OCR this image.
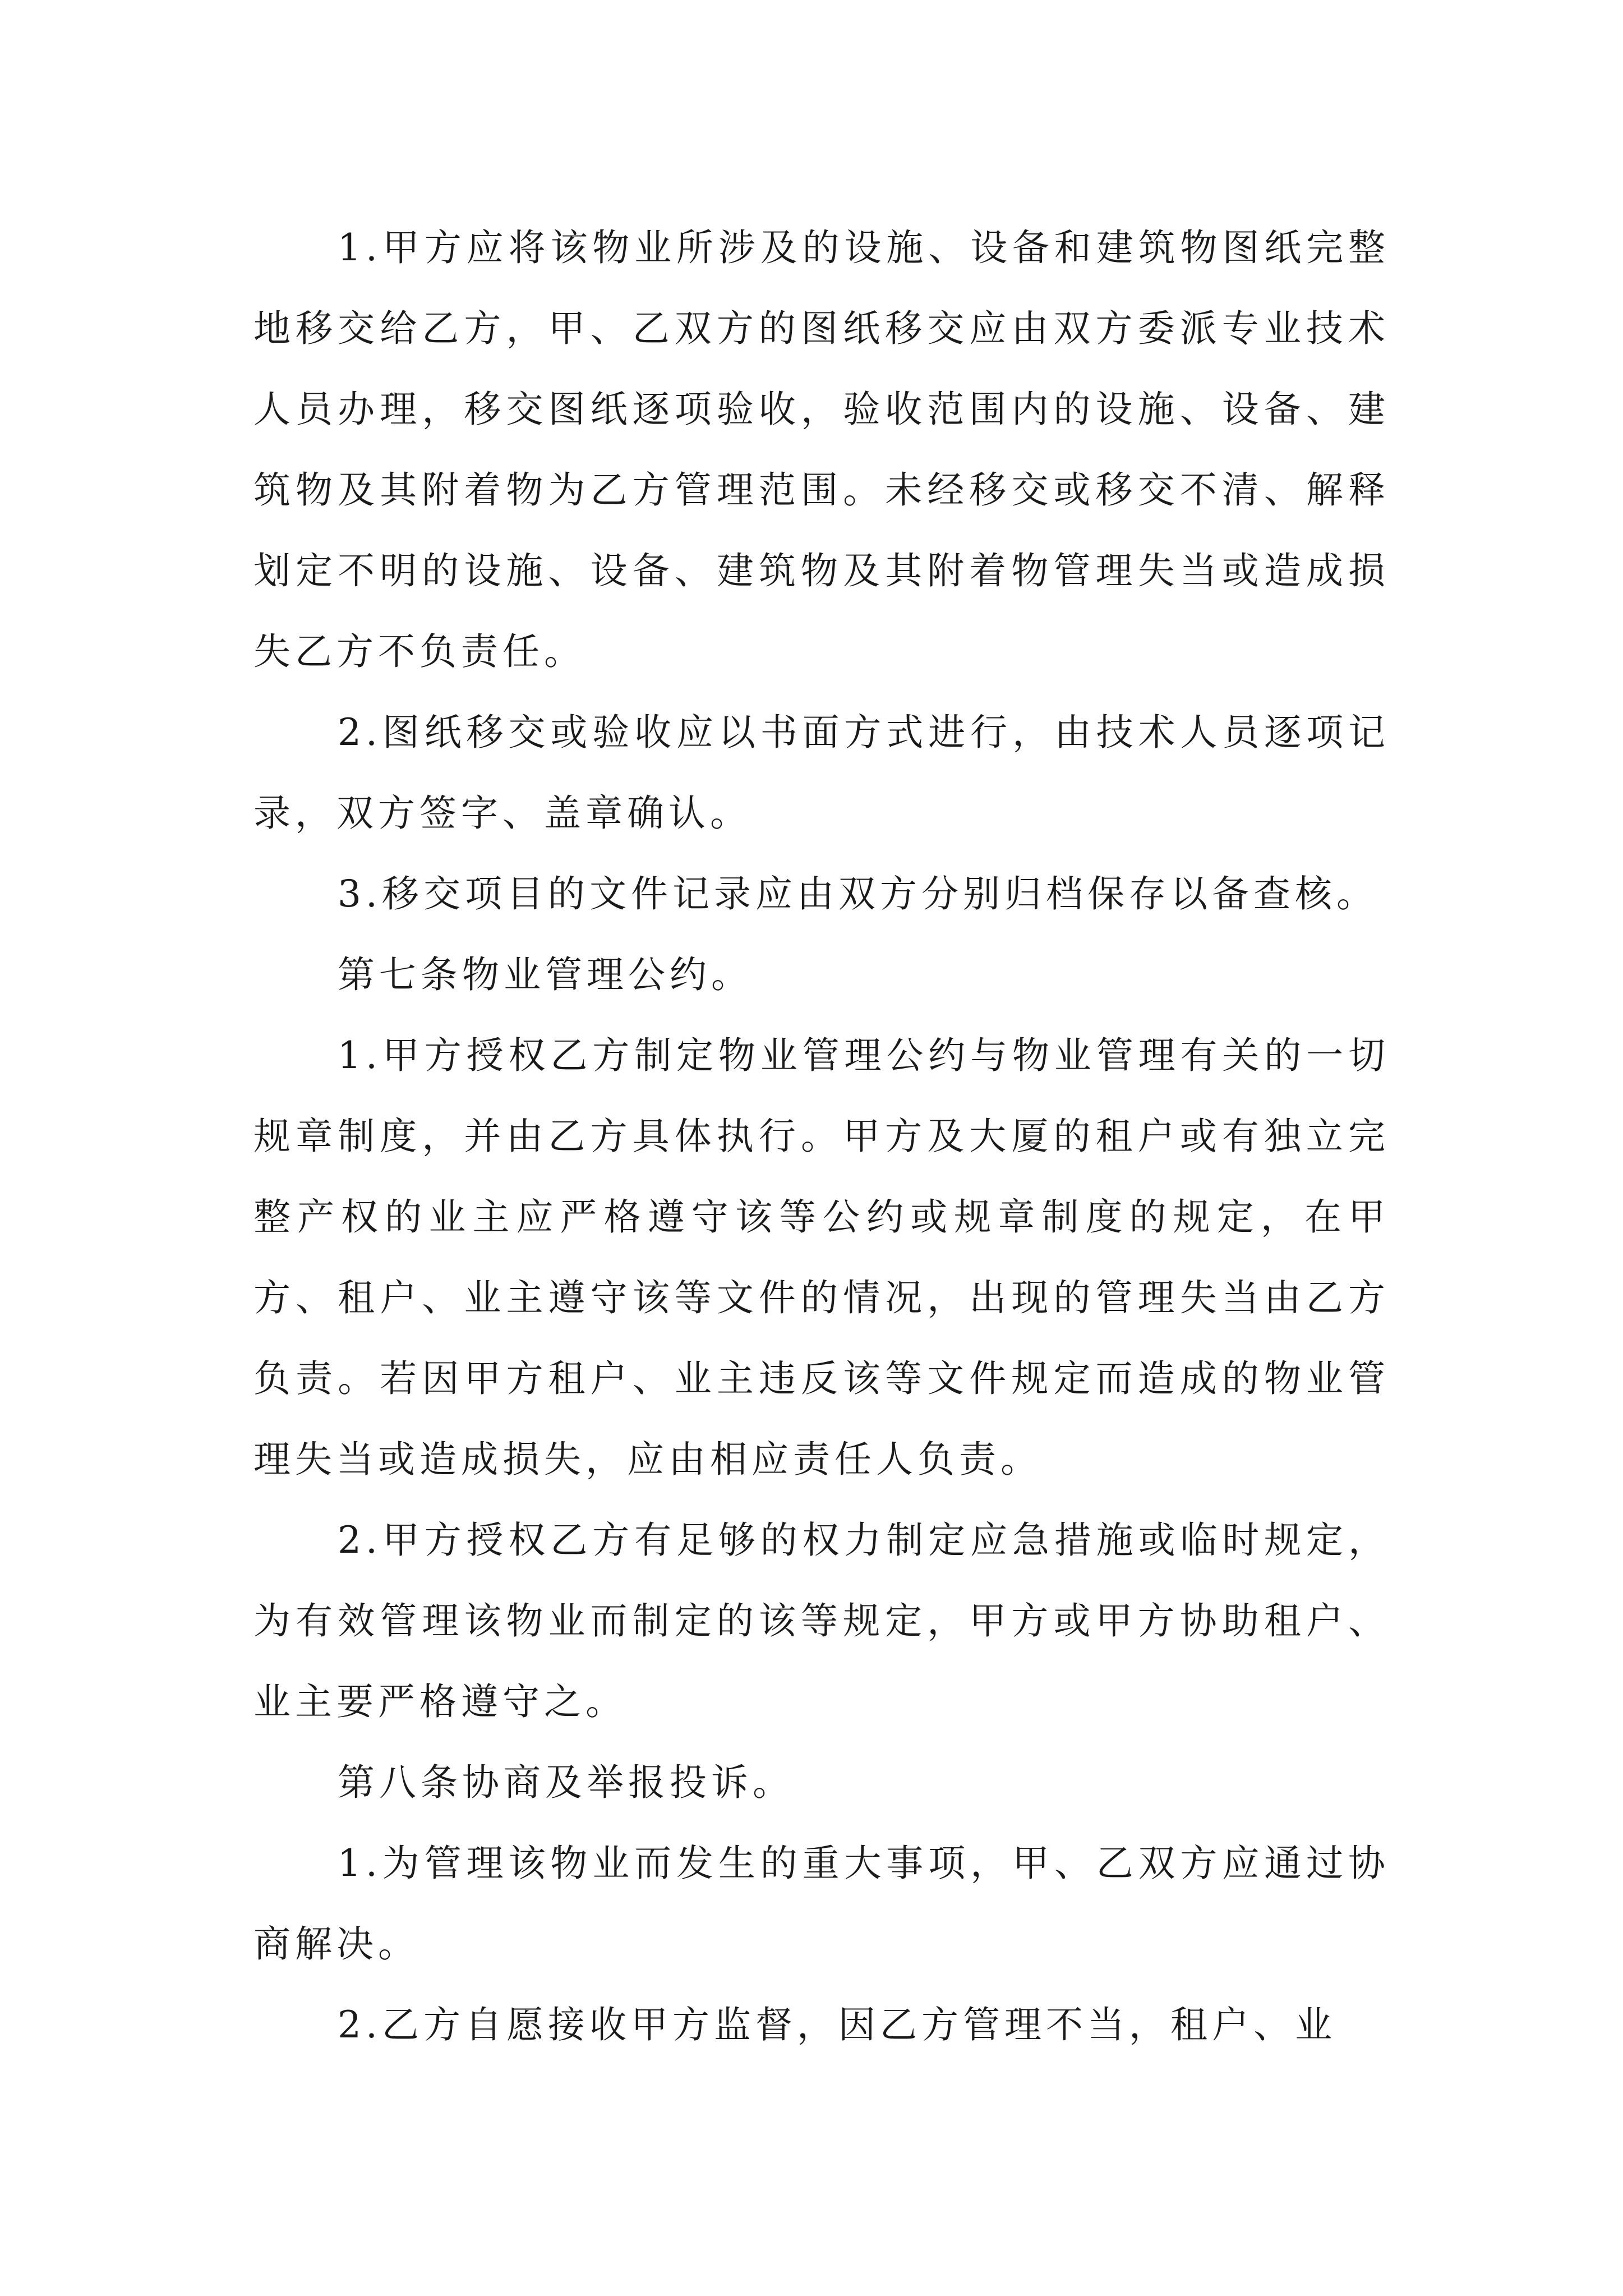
1.甲方应将该物业所涉及的设施、设备和建筑物图纸完整地移交给乙方，甲、乙双方的图纸移交应由双方委派专业技术人员办理，移交图纸逐项验收，验收范围内的设施、设备、建筑物及其附着物为乙方管理范围。未经移交或移交不清、解释划定不明的设施、设备、建筑物及其附着物管理失当或造成损失乙方不负责任。

2.图纸移交或验收应以书面方式进行，由技术人员逐项记录，双方签字、盖章确认。

3.移交项目的文件记录应由双方分别归档保存以备查核。

第七条物业管理公约。

1.甲方授权乙方制定物业管理公约与物业管理有关的一切规章制度，并由乙方具体执行。甲方及大厦的租户或有独立完整产权的业主应严格遵守该等公约或规章制度的规定，在甲方、租户、业主遵守该等文件的情况，出现的管理失当由乙方负责。若因甲方租户、业主违反该等文件规定而造成的物业管理失当或造成损失，应由相应责任人负责。

2.甲方授权乙方有足够的权力制定应急措施或临时规定，为有效管理该物业而制定的该等规定，甲方或甲方协助租户、业主要严格遵守之。

第八条协商及举报投诉。

1.为管理该物业而发生的重大事项，甲、乙双方应通过协商解决。

2.乙方自愿接收甲方监督，因乙方管理不当，租户、业
